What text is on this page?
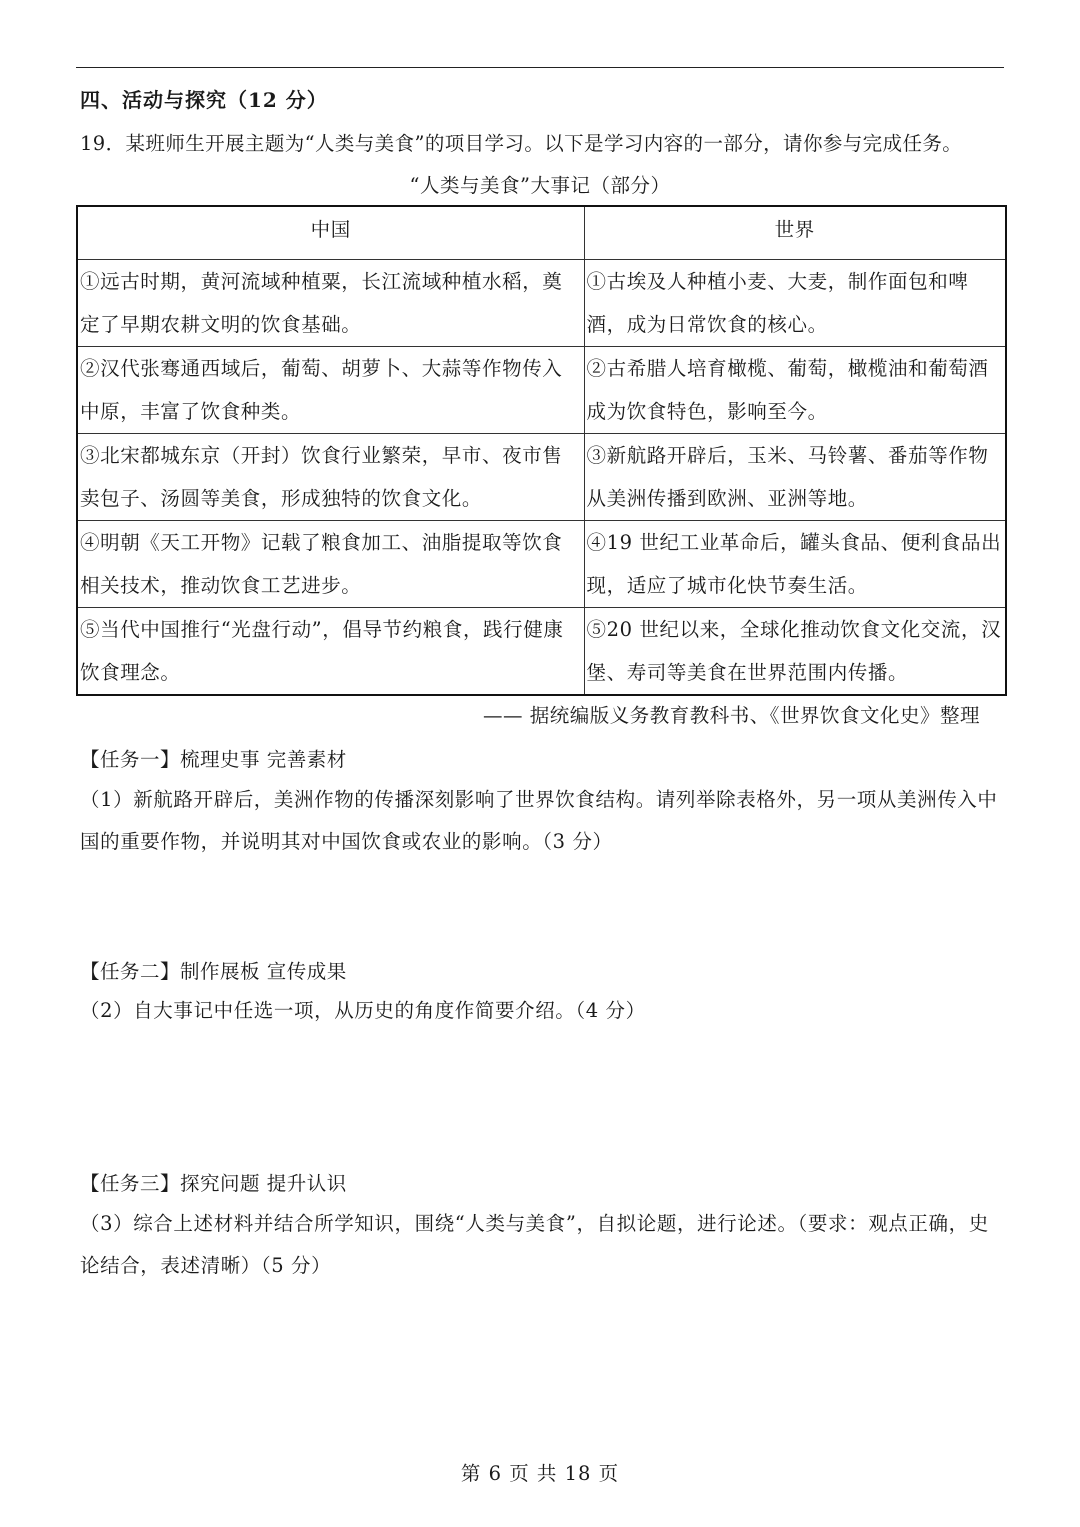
四、活动与探究（12 分）
19．某班师生开展主题为“人类与美食”的项目学习。以下是学习内容的一部分，请你参与完成任务。
“人类与美食”大事记（部分）
中国	世界
①远古时期，黄河流域种植粟，长江流域种植水稻，奠定了早期农耕文明的饮食基础。	①古埃及人种植小麦、大麦，制作面包和啤酒，成为日常饮食的核心。
②汉代张骞通西域后，葡萄、胡萝卜、大蒜等作物传入中原，丰富了饮食种类。	②古希腊人培育橄榄、葡萄，橄榄油和葡萄酒成为饮食特色，影响至今。
③北宋都城东京（开封）饮食行业繁荣，早市、夜市售卖包子、汤圆等美食，形成独特的饮食文化。	③新航路开辟后，玉米、马铃薯、番茄等作物从美洲传播到欧洲、亚洲等地。
④明朝《天工开物》记载了粮食加工、油脂提取等饮食相关技术，推动饮食工艺进步。	④19 世纪工业革命后，罐头食品、便利食品出现，适应了城市化快节奏生活。
⑤当代中国推行“光盘行动”，倡导节约粮食，践行健康饮食理念。	⑤20 世纪以来，全球化推动饮食文化交流，汉堡、寿司等美食在世界范围内传播。
—— 据统编版义务教育教科书、《世界饮食文化史》整理
【任务一】梳理史事 完善素材
（1）新航路开辟后，美洲作物的传播深刻影响了世界饮食结构。请列举除表格外，另一项从美洲传入中国的重要作物，并说明其对中国饮食或农业的影响。（3 分）
【任务二】制作展板 宣传成果
（2）自大事记中任选一项，从历史的角度作简要介绍。（4 分）
【任务三】探究问题 提升认识
（3）综合上述材料并结合所学知识，围绕“人类与美食”，自拟论题，进行论述。（要求：观点正确，史论结合，表述清晰）（5 分）
第 6 页 共 18 页
